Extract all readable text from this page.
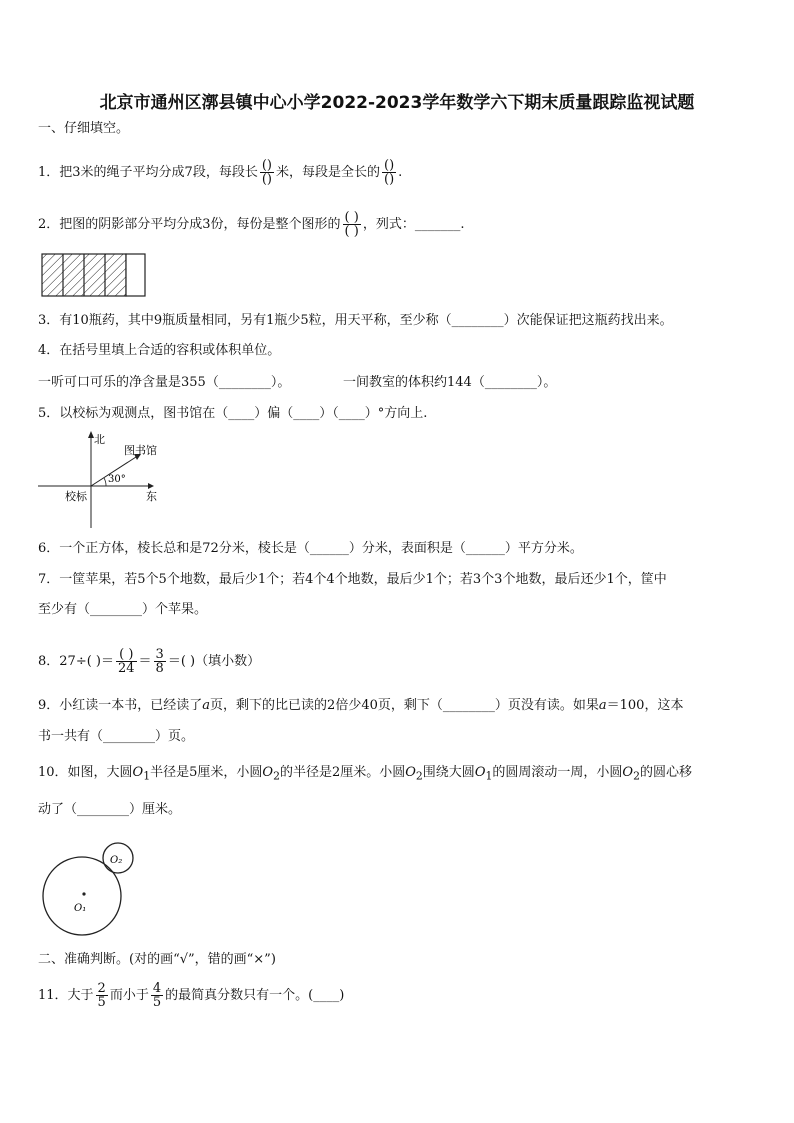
北京市通州区漷县镇中心小学2022-2023学年数学六下期末质量跟踪监视试题
一、仔细填空。
1．把3米的绳子平均分成7段，每段长 $\frac{()}{()}$ 米，每段是全长的 $\frac{()}{()}$ .
2．把图的阴影部分平均分成3份，每份是整个图形的 $\frac{( )}{( )}$ ，列式：_______.
3．有10瓶药，其中9瓶质量相同，另有1瓶少5粒，用天平称，至少称（________）次能保证把这瓶药找出来。
4．在括号里填上合适的容积或体积单位。
一听可口可乐的净含量是355（________）。	一间教室的体积约144（________）。
5．以校标为观测点，图书馆在（____）偏（____）（____）°方向上.
北
东
校标
图书馆
30°
6．一个正方体，棱长总和是72分米，棱长是（______）分米，表面积是（______）平方分米。
7．一筐苹果，若5个5个地数，最后少1个；若4个4个地数，最后少1个；若3个3个地数，最后还少1个，筐中
至少有（________）个苹果。
8．27÷( )＝ $\frac{( )}{24} = \frac{3}{8}$ ＝( )（填小数）
9．小红读一本书，已经读了a页，剩下的比已读的2倍少40页，剩下（________）页没有读。如果a＝100，这本
书一共有（________）页。
10．如图，大圆$O_1$半径是5厘米，小圆$O_2$的半径是2厘米。小圆$O_2$围绕大圆$O_1$的圆周滚动一周，小圆$O_2$的圆心移
动了（________）厘米。
O₁
O₂
二、准确判断。(对的画“√”，错的画“×”)
11．大于 $\frac{2}{5}$ 而小于 $\frac{4}{5}$ 的最简真分数只有一个。(____)
